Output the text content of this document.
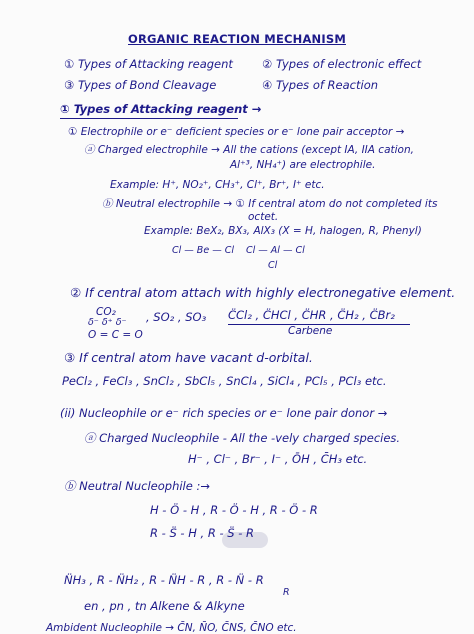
ORGANIC REACTION MECHANISM
① Types of Attacking reagent	② Types of electronic effect
③ Types of Bond Cleavage	④ Types of Reaction
① Types of Attacking reagent →
① Electrophile or e⁻ deficient species or e⁻ lone pair acceptor →
ⓐ Charged electrophile → All the cations (except IA, IIA cation,
Al⁺³, NH₄⁺) are electrophile.
Example: H⁺, NO₂⁺, CH₃⁺, Cl⁺, Br⁺, I⁺ etc.
ⓑ Neutral electrophile → ① If central atom do not completed its
octet.
Example: BeX₂, BX₃, AlX₃ (X = H, halogen, R, Phenyl)
Cl — Be — Cl Cl — Al — Cl
Cl
② If central atom attach with highly electronegative element.
CO₂
δ⁻ δ⁺ δ⁻
O = C = O
, SO₂ , SO₃ C̈Cl₂ , C̈HCl , C̈HR , C̈H₂ , C̈Br₂
Carbene
③ If central atom have vacant d-orbital.
PeCl₂ , FeCl₃ , SnCl₂ , SbCl₅ , SnCl₄ , SiCl₄ , PCl₅ , PCl₃ etc.
(ii) Nucleophile or e⁻ rich species or e⁻ lone pair donor →
ⓐ Charged Nucleophile - All the -vely charged species.
H⁻ , Cl⁻ , Br⁻ , I⁻ , ŌH , C̄H₃ etc.
ⓑ Neutral Nucleophile :→
H - Ö - H , R - Ö - H , R - Ö - R
R - S̈ - H , R - S̈ - R
N̈H₃ , R - N̈H₂ , R - N̈H - R , R - N̈ - R
R
en , pn , tn Alkene & Alkyne
Ambident Nucleophile → C̄N, N̄O, C̄NS, C̄NO etc.
